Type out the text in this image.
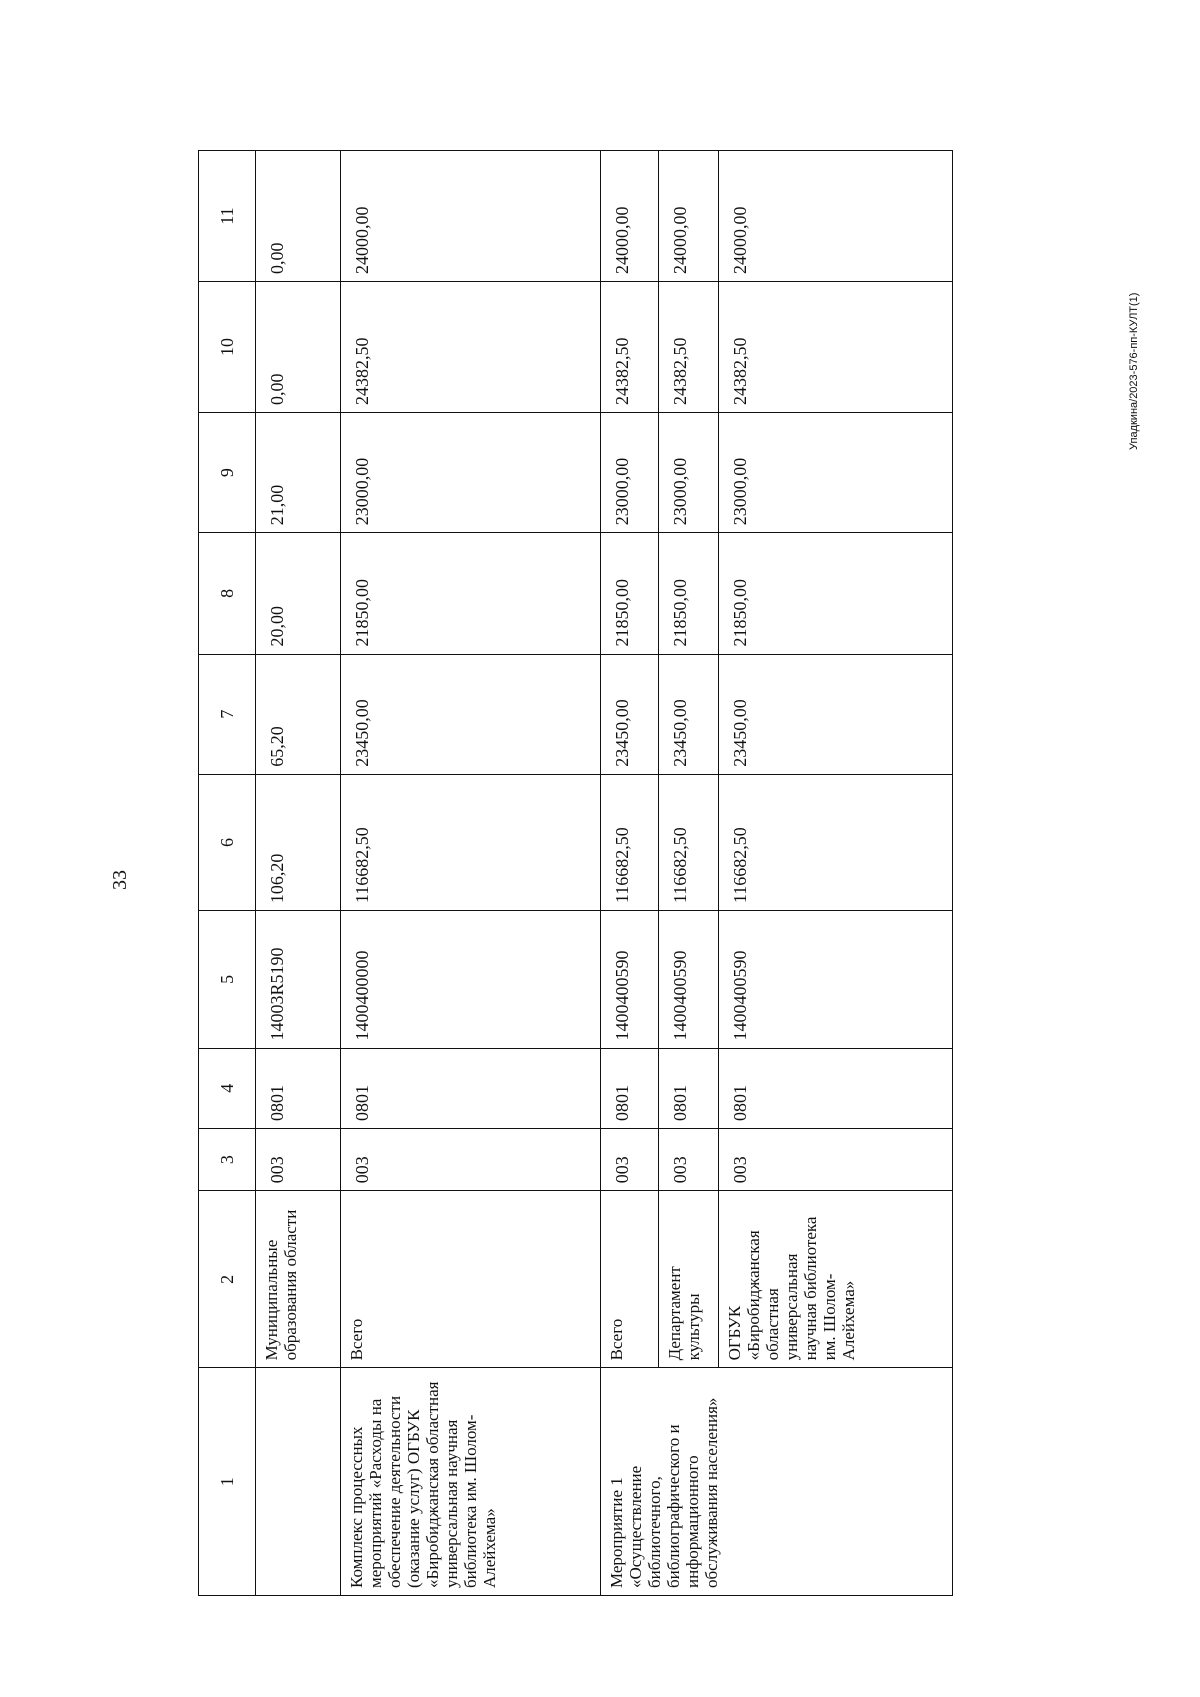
33
Упадкина/2023-576-пп-КУЛТ(1)
1	2	3	4	5	6	7	8	9	10	11
	Муниципальные образования области	003	0801	14003R5190	106,20	65,20	20,00	21,00	0,00	0,00
Комплекс процессных мероприятий «Расходы на обеспечение деятельности (оказание услуг) ОГБУК «Биробиджанская областная универсальная научная библиотека им. Шолом-Алейхема»	Всего	003	0801	1400400000	116682,50	23450,00	21850,00	23000,00	24382,50	24000,00
Мероприятие 1 «Осуществление библиотечного, библиографического и информационного обслуживания населения»	Всего	003	0801	1400400590	116682,50	23450,00	21850,00	23000,00	24382,50	24000,00
	Департамент культуры	003	0801	1400400590	116682,50	23450,00	21850,00	23000,00	24382,50	24000,00
	ОГБУК «Биробиджанская областная универсальная научная библиотека им. Шолом-Алейхема»	003	0801	1400400590	116682,50	23450,00	21850,00	23000,00	24382,50	24000,00
